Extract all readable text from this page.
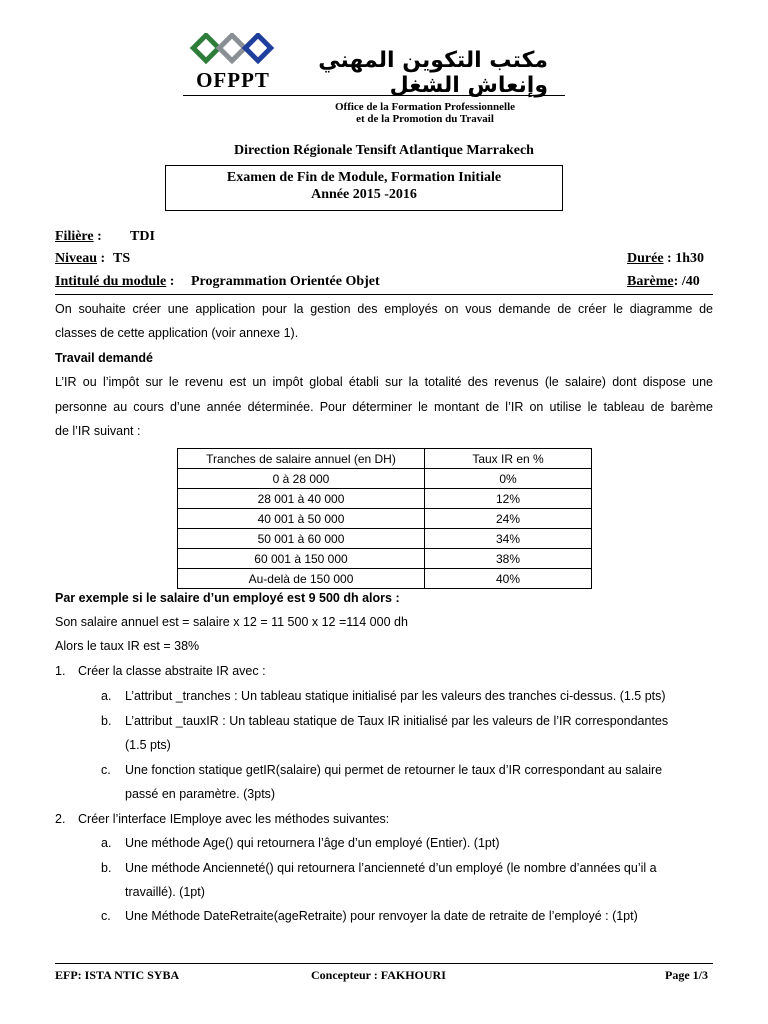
OFPPT
مكتب التكوين المهني وإنعاش الشغل
Office de la Formation Professionnelle
et de la Promotion du Travail
Direction Régionale Tensift Atlantique Marrakech
Examen de Fin de Module, Formation Initiale
Année 2015 -2016
Filière : TDI
Niveau : TS	Durée : 1h30
Intitulé du module : Programmation Orientée Objet	Barème: /40
On souhaite créer une application pour la gestion des employés on vous demande de créer le diagramme de
classes de cette application (voir annexe 1).
Travail demandé
L’IR ou l’impôt sur le revenu est un impôt global établi sur la totalité des revenus (le salaire) dont dispose une
personne au cours d’une année déterminée. Pour déterminer le montant de l’IR on utilise le tableau de barème
de l’IR suivant :
Tranches de salaire annuel (en DH)	Taux IR en %
0 à 28 000	0%
28 001 à 40 000	12%
40 001 à 50 000	24%
50 001 à 60 000	34%
60 001 à 150 000	38%
Au-delà de 150 000	40%
Par exemple si le salaire d’un employé est 9 500 dh alors :
Son salaire annuel est = salaire x 12 = 11 500 x 12 =114 000 dh
Alors le taux IR est = 38%
1. Créer la classe abstraite IR avec :
a. L’attribut _tranches : Un tableau statique initialisé par les valeurs des tranches ci-dessus. (1.5 pts)
b. L’attribut _tauxIR : Un tableau statique de Taux IR initialisé par les valeurs de l’IR correspondantes
(1.5 pts)
c. Une fonction statique getIR(salaire) qui permet de retourner le taux d’IR correspondant au salaire
passé en paramètre. (3pts)
2. Créer l’interface IEmploye avec les méthodes suivantes:
a. Une méthode Age() qui retournera l’âge d’un employé (Entier). (1pt)
b. Une méthode Ancienneté() qui retournera l’ancienneté d’un employé (le nombre d’années qu’il a
travaillé). (1pt)
c. Une Méthode DateRetraite(ageRetraite) pour renvoyer la date de retraite de l’employé : (1pt)
EFP: ISTA NTIC SYBA	Concepteur : FAKHOURI	Page 1/3
